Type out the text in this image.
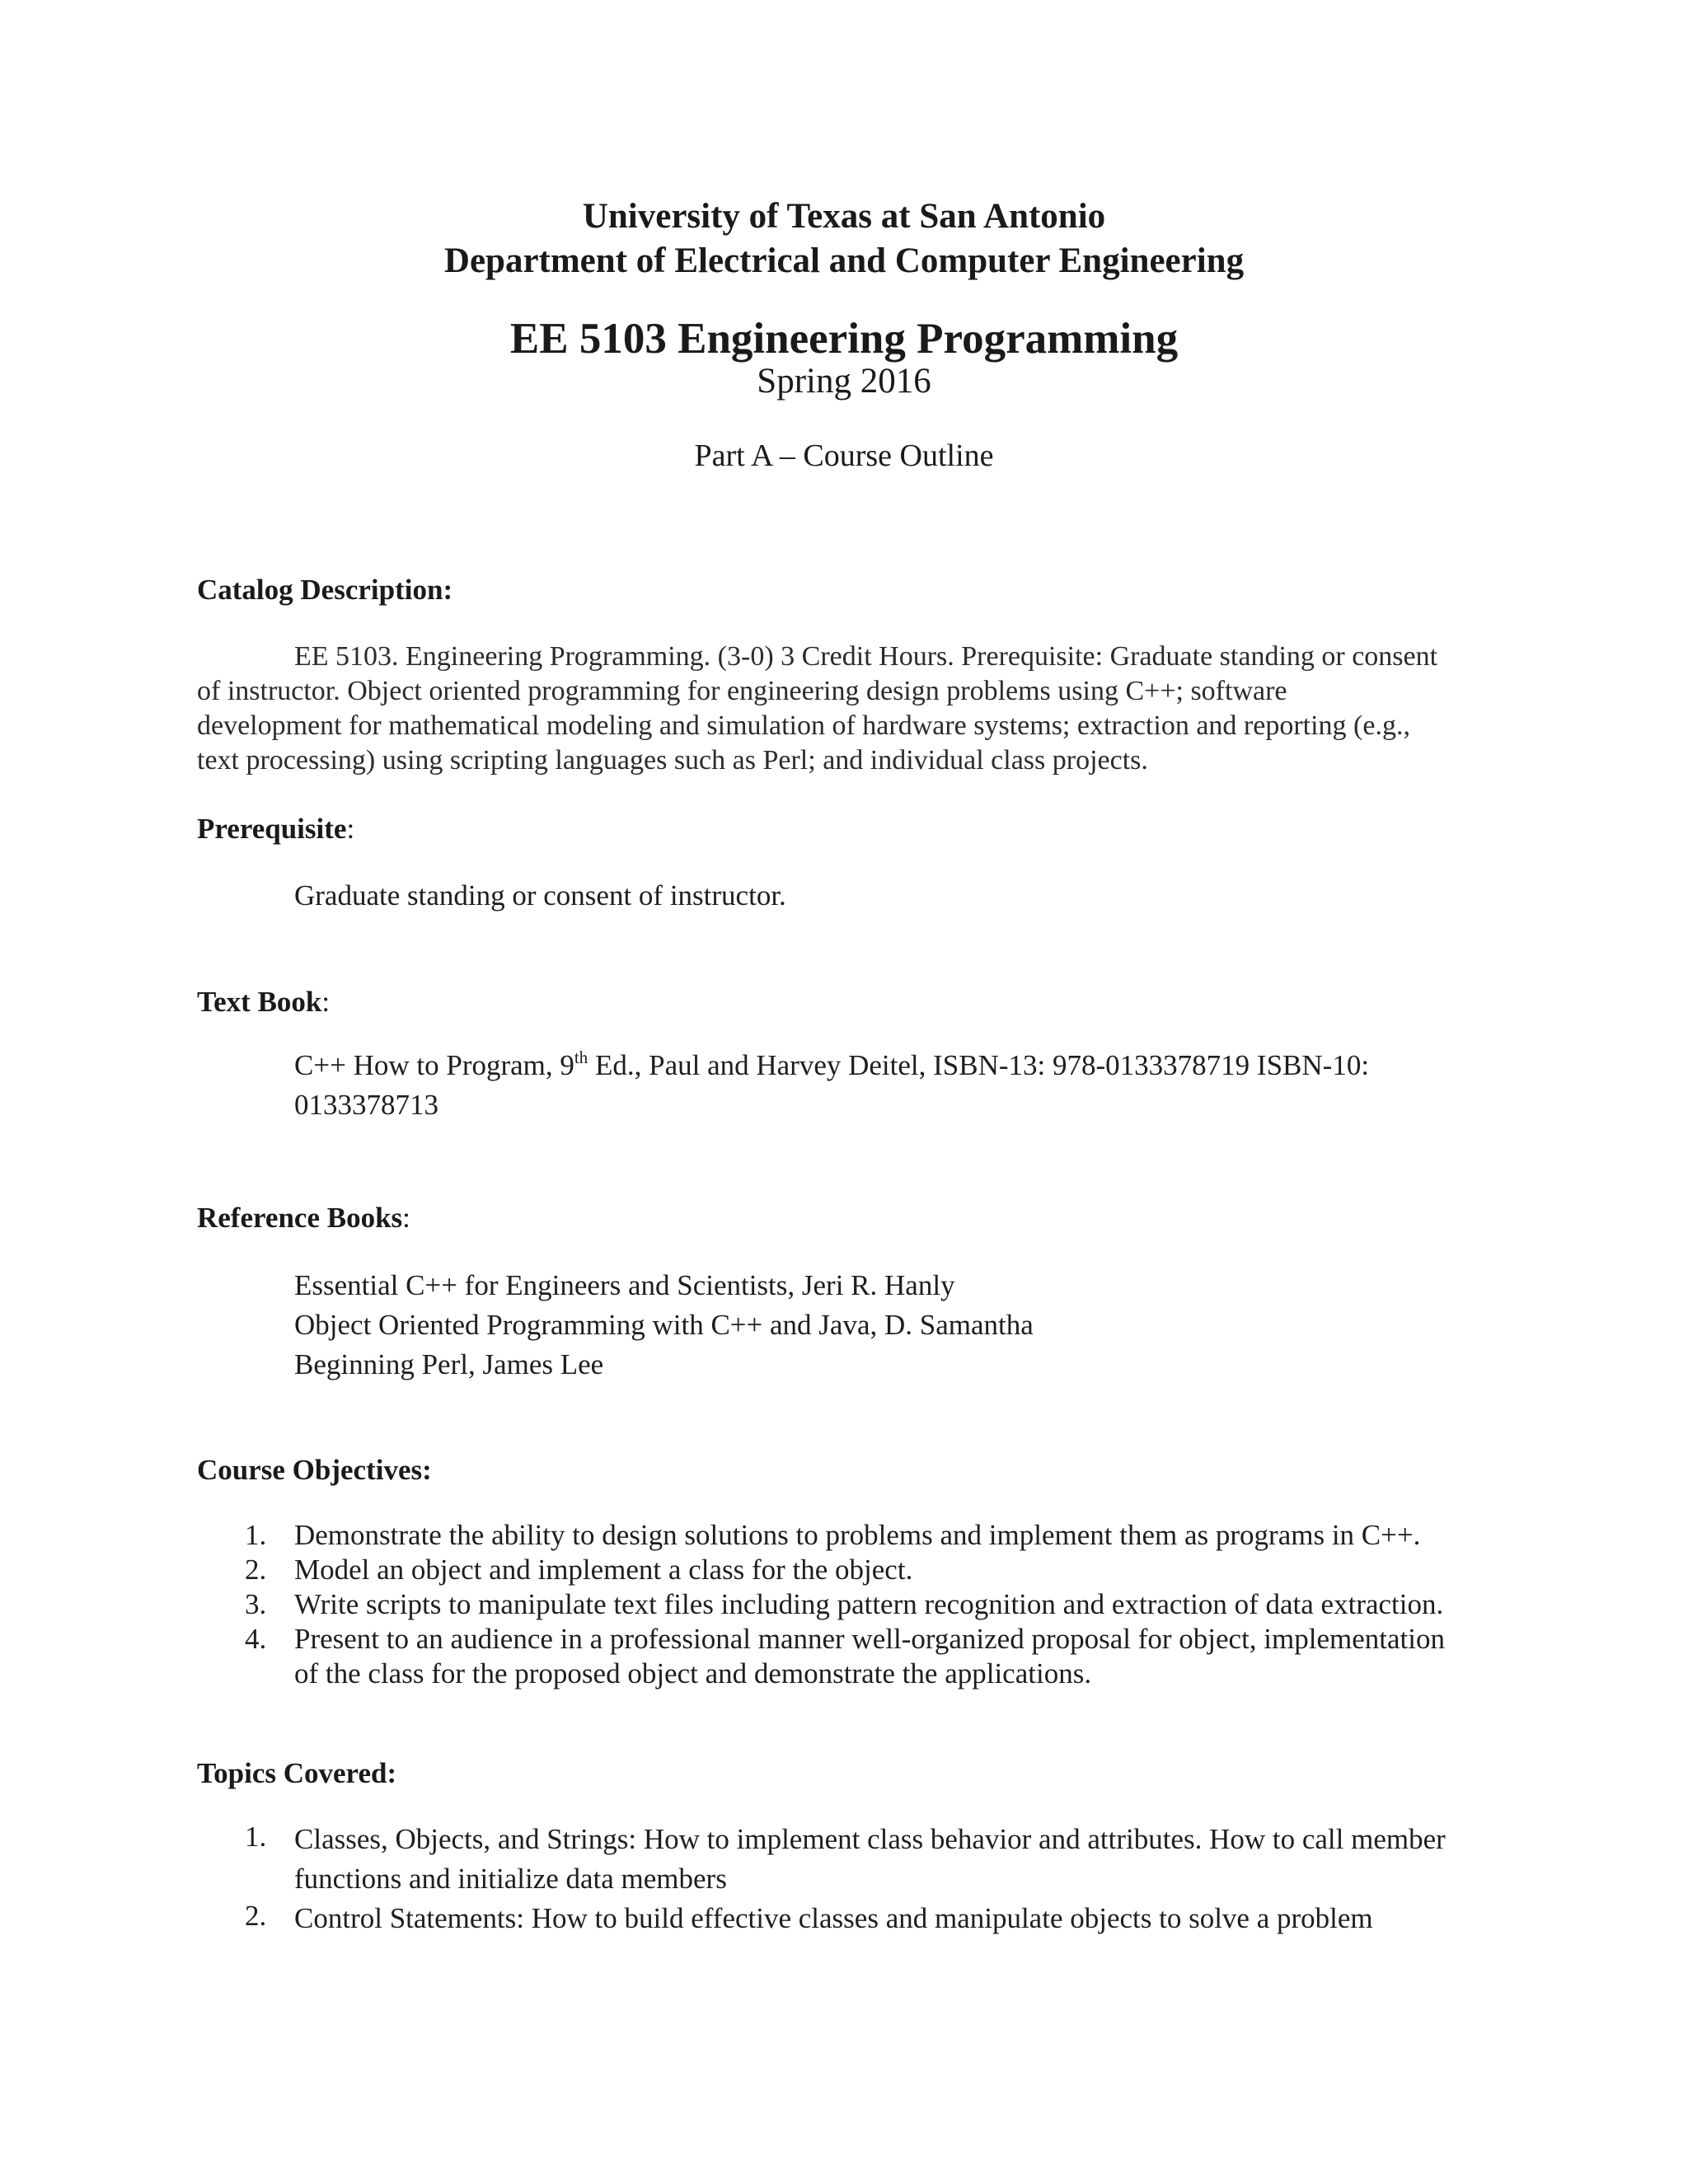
University of Texas at San Antonio
Department of Electrical and Computer Engineering
EE 5103 Engineering Programming
Spring 2016
Part A – Course Outline
Catalog Description:
EE 5103. Engineering Programming. (3-0) 3 Credit Hours. Prerequisite: Graduate standing or consent
of instructor. Object oriented programming for engineering design problems using C++; software
development for mathematical modeling and simulation of hardware systems; extraction and reporting (e.g.,
text processing) using scripting languages such as Perl; and individual class projects.
Prerequisite:
Graduate standing or consent of instructor.
Text Book:
C++ How to Program, 9th Ed., Paul and Harvey Deitel, ISBN-13: 978-0133378719 ISBN-10:
0133378713
Reference Books:
Essential C++ for Engineers and Scientists, Jeri R. Hanly
Object Oriented Programming with C++ and Java, D. Samantha
Beginning Perl, James Lee
Course Objectives:
1. Demonstrate the ability to design solutions to problems and implement them as programs in C++.
2. Model an object and implement a class for the object.
3. Write scripts to manipulate text files including pattern recognition and extraction of data extraction.
4. Present to an audience in a professional manner well-organized proposal for object, implementation
of the class for the proposed object and demonstrate the applications.
Topics Covered:
1. Classes, Objects, and Strings: How to implement class behavior and attributes. How to call member
functions and initialize data members
2. Control Statements: How to build effective classes and manipulate objects to solve a problem
